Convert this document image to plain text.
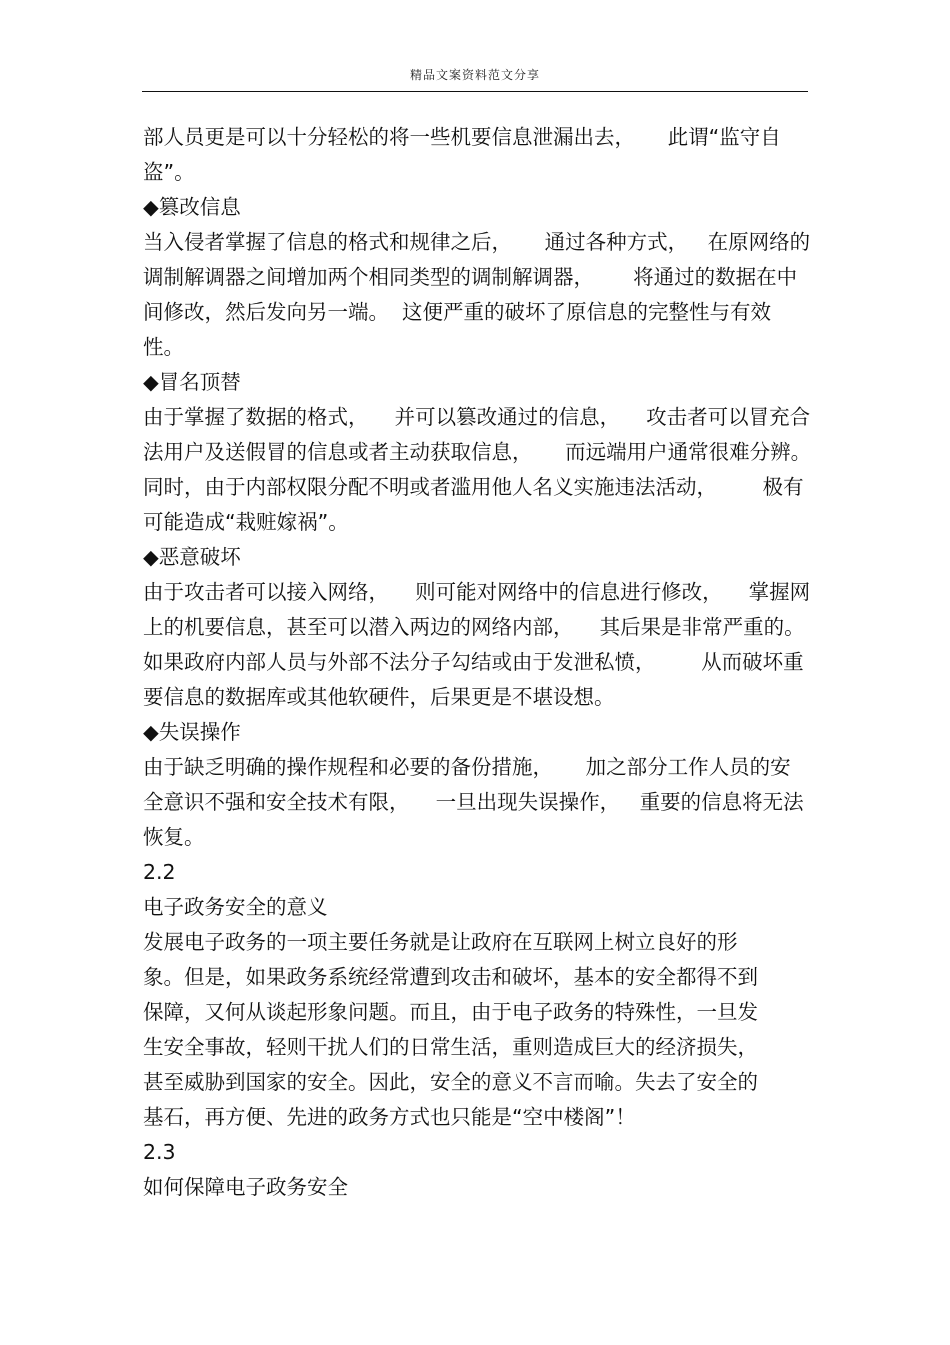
精品文案资料范文分享
部人员更是可以十分轻松的将一些机要信息泄漏出去，     此谓“监守自
盗”。
◆篡改信息
当入侵者掌握了信息的格式和规律之后，     通过各种方式，   在原网络的
调制解调器之间增加两个相同类型的调制解调器，      将通过的数据在中
间修改，然后发向另一端。  这便严重的破坏了原信息的完整性与有效
性。
◆冒名顶替
由于掌握了数据的格式，    并可以篡改通过的信息，    攻击者可以冒充合
法用户及送假冒的信息或者主动获取信息，     而远端用户通常很难分辨。
同时，由于内部权限分配不明或者滥用他人名义实施违法活动，       极有
可能造成“栽赃嫁祸”。
◆恶意破坏
由于攻击者可以接入网络，    则可能对网络中的信息进行修改，    掌握网
上的机要信息，甚至可以潜入两边的网络内部，    其后果是非常严重的。
如果政府内部人员与外部不法分子勾结或由于发泄私愤，       从而破坏重
要信息的数据库或其他软硬件，后果更是不堪设想。
◆失误操作
由于缺乏明确的操作规程和必要的备份措施，     加之部分工作人员的安
全意识不强和安全技术有限，    一旦出现失误操作，   重要的信息将无法
恢复。
2.2
电子政务安全的意义
发展电子政务的一项主要任务就是让政府在互联网上树立良好的形
象。但是，如果政务系统经常遭到攻击和破坏，基本的安全都得不到
保障，又何从谈起形象问题。而且，由于电子政务的特殊性，一旦发
生安全事故，轻则干扰人们的日常生活，重则造成巨大的经济损失，
甚至威胁到国家的安全。因此，安全的意义不言而喻。失去了安全的
基石，再方便、先进的政务方式也只能是“空中楼阁”！
2.3
如何保障电子政务安全
